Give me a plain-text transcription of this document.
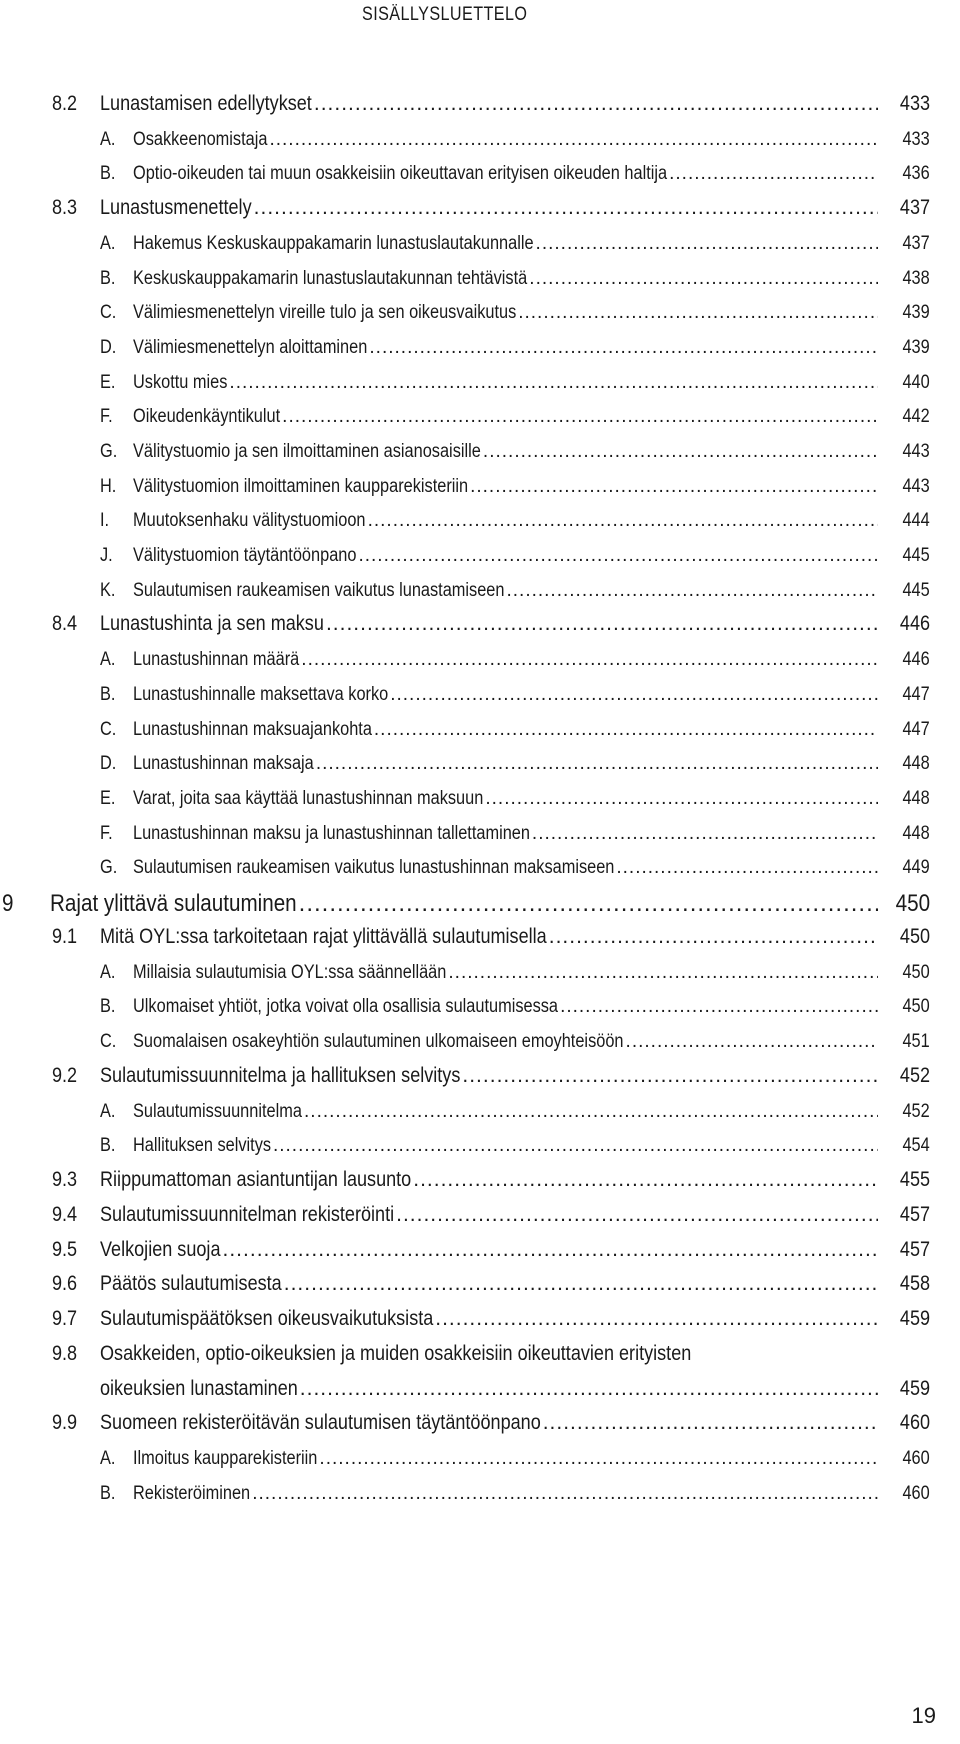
SISÄLLYSLUETTELO
8.2 Lunastamisen edellytykset .....	433
A. Osakkeenomistaja .....	433
B. Optio-oikeuden tai muun osakkeisiin oikeuttavan erityisen oikeuden haltija .....	436
8.3 Lunastusmenettely .....	437
A. Hakemus Keskuskauppakamarin lunastuslautakunnalle .....	437
B. Keskuskauppakamarin lunastuslautakunnan tehtävistä .....	438
C. Välimiesmenettelyn vireille tulo ja sen oikeusvaikutus .....	439
D. Välimiesmenettelyn aloittaminen .....	439
E. Uskottu mies .....	440
F. Oikeudenkäyntikulut .....	442
G. Välitystuomio ja sen ilmoittaminen asianosaisille .....	443
H. Välitystuomion ilmoittaminen kaupparekisteriin .....	443
I. Muutoksenhaku välitystuomioon .....	444
J. Välitystuomion täytäntöönpano .....	445
K. Sulautumisen raukeamisen vaikutus lunastamiseen .....	445
8.4 Lunastushinta ja sen maksu .....	446
A. Lunastushinnan määrä .....	446
B. Lunastushinnalle maksettava korko .....	447
C. Lunastushinnan maksuajankohta .....	447
D. Lunastushinnan maksaja .....	448
E. Varat, joita saa käyttää lunastushinnan maksuun .....	448
F. Lunastushinnan maksu ja lunastushinnan tallettaminen .....	448
G. Sulautumisen raukeamisen vaikutus lunastushinnan maksamiseen .....	449
9 Rajat ylittävä sulautuminen .....	450
9.1 Mitä OYL:ssa tarkoitetaan rajat ylittävällä sulautumisella .....	450
A. Millaisia sulautumisia OYL:ssa säännellään .....	450
B. Ulkomaiset yhtiöt, jotka voivat olla osallisia sulautumisessa .....	450
C. Suomalaisen osakeyhtiön sulautuminen ulkomaiseen emoyhteisöön .....	451
9.2 Sulautumissuunnitelma ja hallituksen selvitys .....	452
A. Sulautumissuunnitelma .....	452
B. Hallituksen selvitys .....	454
9.3 Riippumattoman asiantuntijan lausunto .....	455
9.4 Sulautumissuunnitelman rekisteröinti .....	457
9.5 Velkojien suoja .....	457
9.6 Päätös sulautumisesta .....	458
9.7 Sulautumispäätöksen oikeusvaikutuksista .....	459
9.8 Osakkeiden, optio-oikeuksien ja muiden osakkeisiin oikeuttavien erityisten
oikeuksien lunastaminen .....	459
9.9 Suomeen rekisteröitävän sulautumisen täytäntöönpano .....	460
A. Ilmoitus kaupparekisteriin .....	460
B. Rekisteröiminen .....	460
19
